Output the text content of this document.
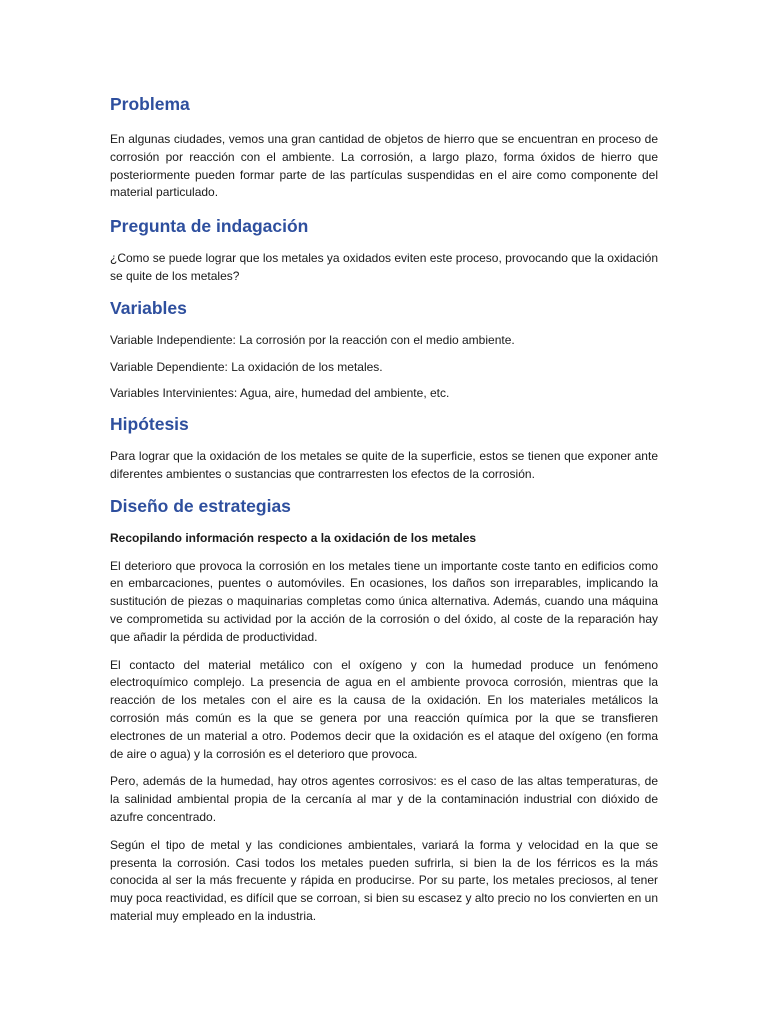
Problema

En algunas ciudades, vemos una gran cantidad de objetos de hierro que se encuentran en proceso de corrosión por reacción con el ambiente. La corrosión, a largo plazo, forma óxidos de hierro que posteriormente pueden formar parte de las partículas suspendidas en el aire como componente del material particulado.

Pregunta de indagación

¿Como se puede lograr que los metales ya oxidados eviten este proceso, provocando que la oxidación se quite de los metales?

Variables

Variable Independiente: La corrosión por la reacción con el medio ambiente.

Variable Dependiente: La oxidación de los metales.

Variables Intervinientes: Agua, aire, humedad del ambiente, etc.

Hipótesis

Para lograr que la oxidación de los metales se quite de la superficie, estos se tienen que exponer ante diferentes ambientes o sustancias que contrarresten los efectos de la corrosión.

Diseño de estrategias

Recopilando información respecto a la oxidación de los metales

El deterioro que provoca la corrosión en los metales tiene un importante coste tanto en edificios como en embarcaciones, puentes o automóviles. En ocasiones, los daños son irreparables, implicando la sustitución de piezas o maquinarias completas como única alternativa. Además, cuando una máquina ve comprometida su actividad por la acción de la corrosión o del óxido, al coste de la reparación hay que añadir la pérdida de productividad.

El contacto del material metálico con el oxígeno y con la humedad produce un fenómeno electroquímico complejo. La presencia de agua en el ambiente provoca corrosión, mientras que la reacción de los metales con el aire es la causa de la oxidación. En los materiales metálicos la corrosión más común es la que se genera por una reacción química por la que se transfieren electrones de un material a otro. Podemos decir que la oxidación es el ataque del oxígeno (en forma de aire o agua) y la corrosión es el deterioro que provoca.

Pero, además de la humedad, hay otros agentes corrosivos: es el caso de las altas temperaturas, de la salinidad ambiental propia de la cercanía al mar y de la contaminación industrial con dióxido de azufre concentrado.

Según el tipo de metal y las condiciones ambientales, variará la forma y velocidad en la que se presenta la corrosión. Casi todos los metales pueden sufrirla, si bien la de los férricos es la más conocida al ser la más frecuente y rápida en producirse. Por su parte, los metales preciosos, al tener muy poca reactividad, es difícil que se corroan, si bien su escasez y alto precio no los convierten en un material muy empleado en la industria.
